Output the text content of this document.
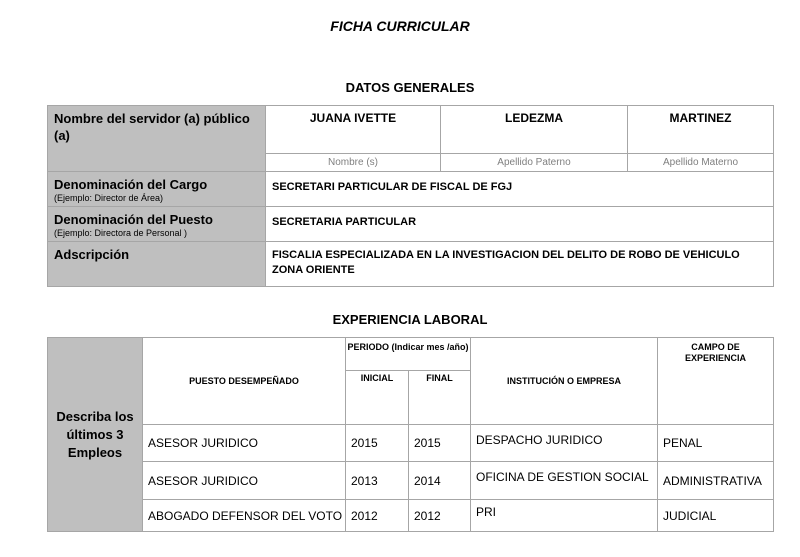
FICHA CURRICULAR
DATOS GENERALES
Nombre del servidor (a) público (a)	JUANA IVETTE	LEDEZMA	MARTINEZ
	Nombre (s)	Apellido Paterno	Apellido Materno
Denominación del Cargo
(Ejemplo: Director de Área)	SECRETARI PARTICULAR DE FISCAL DE FGJ		
Denominación del Puesto
(Ejemplo: Directora de Personal )	SECRETARIA PARTICULAR		
Adscripción	FISCALIA ESPECIALIZADA EN LA INVESTIGACION DEL DELITO DE ROBO DE VEHICULO ZONA ORIENTE		
EXPERIENCIA LABORAL
Describa los últimos 3 Empleos	PUESTO DESEMPEÑADO	PERIODO (Indicar mes /año)		INSTITUCIÓN O EMPRESA	CAMPO DE EXPERIENCIA
		INICIAL	FINAL		
	ASESOR JURIDICO	2015	2015	DESPACHO JURIDICO	PENAL
	ASESOR JURIDICO	2013	2014	OFICINA DE GESTION SOCIAL	ADMINISTRATIVA
	ABOGADO DEFENSOR DEL VOTO	2012	2012	PRI	JUDICIAL
